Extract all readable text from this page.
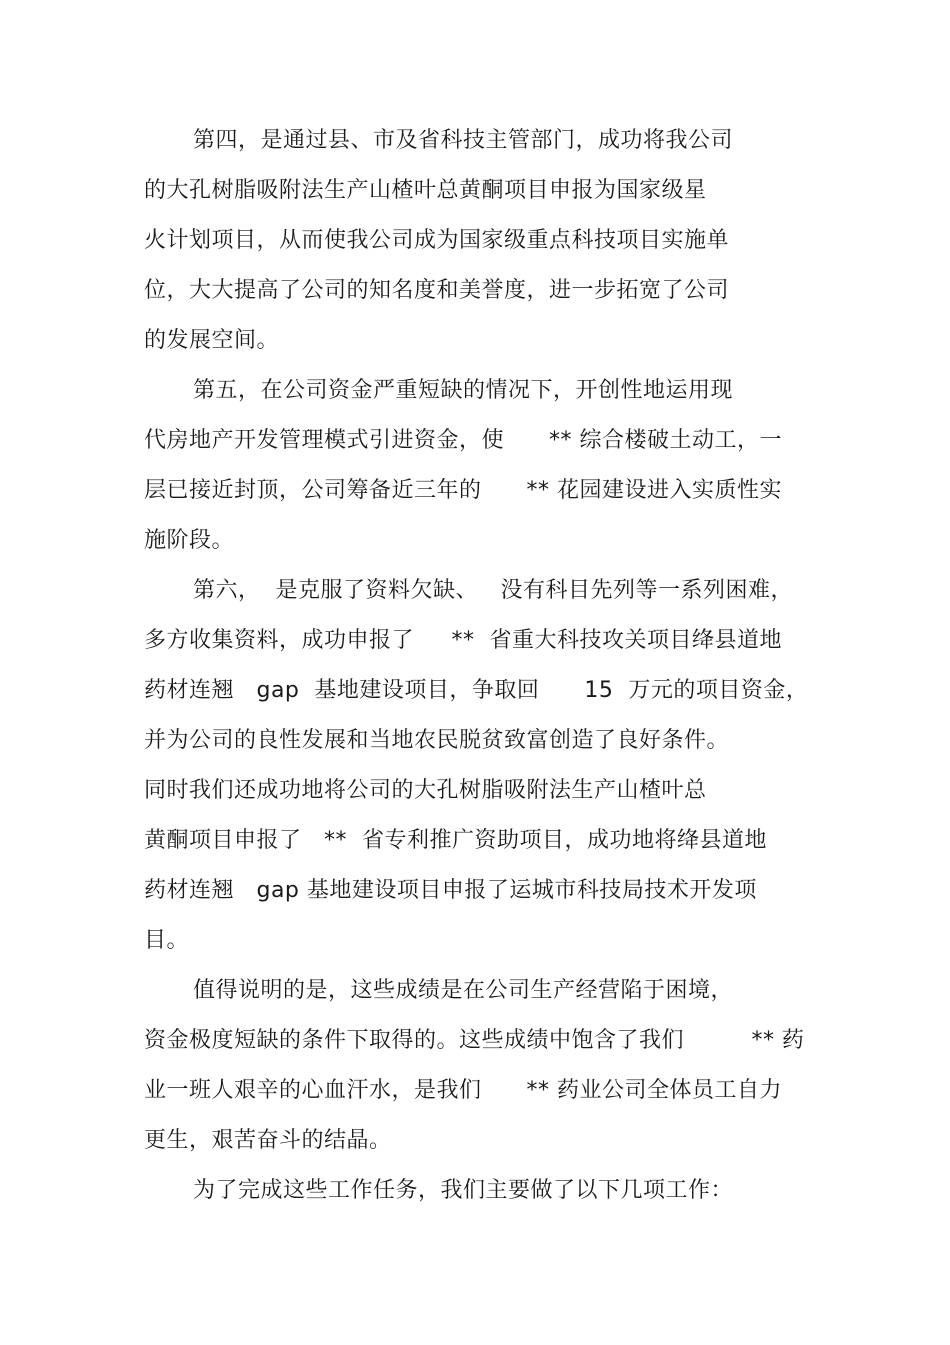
第四，是通过县、市及省科技主管部门，成功将我公司
的大孔树脂吸附法生产山楂叶总黄酮项目申报为国家级星
火计划项目，从而使我公司成为国家级重点科技项目实施单
位，大大提高了公司的知名度和美誉度，进一步拓宽了公司
的发展空间。
第五，在公司资金严重短缺的情况下，开创性地运用现
代房地产开发管理模式引进资金，使      ** 综合楼破土动工，一
层已接近封顶，公司筹备近三年的      ** 花园建设进入实质性实
施阶段。
第六，  是克服了资料欠缺、   没有科目先列等一系列困难，
多方收集资料，成功申报了     **  省重大科技攻关项目绛县道地
药材连翘   gap  基地建设项目，争取回      15  万元的项目资金，
并为公司的良性发展和当地农民脱贫致富创造了良好条件。
同时我们还成功地将公司的大孔树脂吸附法生产山楂叶总
黄酮项目申报了   **  省专利推广资助项目，成功地将绛县道地
药材连翘   gap 基地建设项目申报了运城市科技局技术开发项
目。
值得说明的是，这些成绩是在公司生产经营陷于困境，
资金极度短缺的条件下取得的。这些成绩中饱含了我们         ** 药
业一班人艰辛的心血汗水，是我们      ** 药业公司全体员工自力
更生，艰苦奋斗的结晶。
为了完成这些工作任务，我们主要做了以下几项工作：
